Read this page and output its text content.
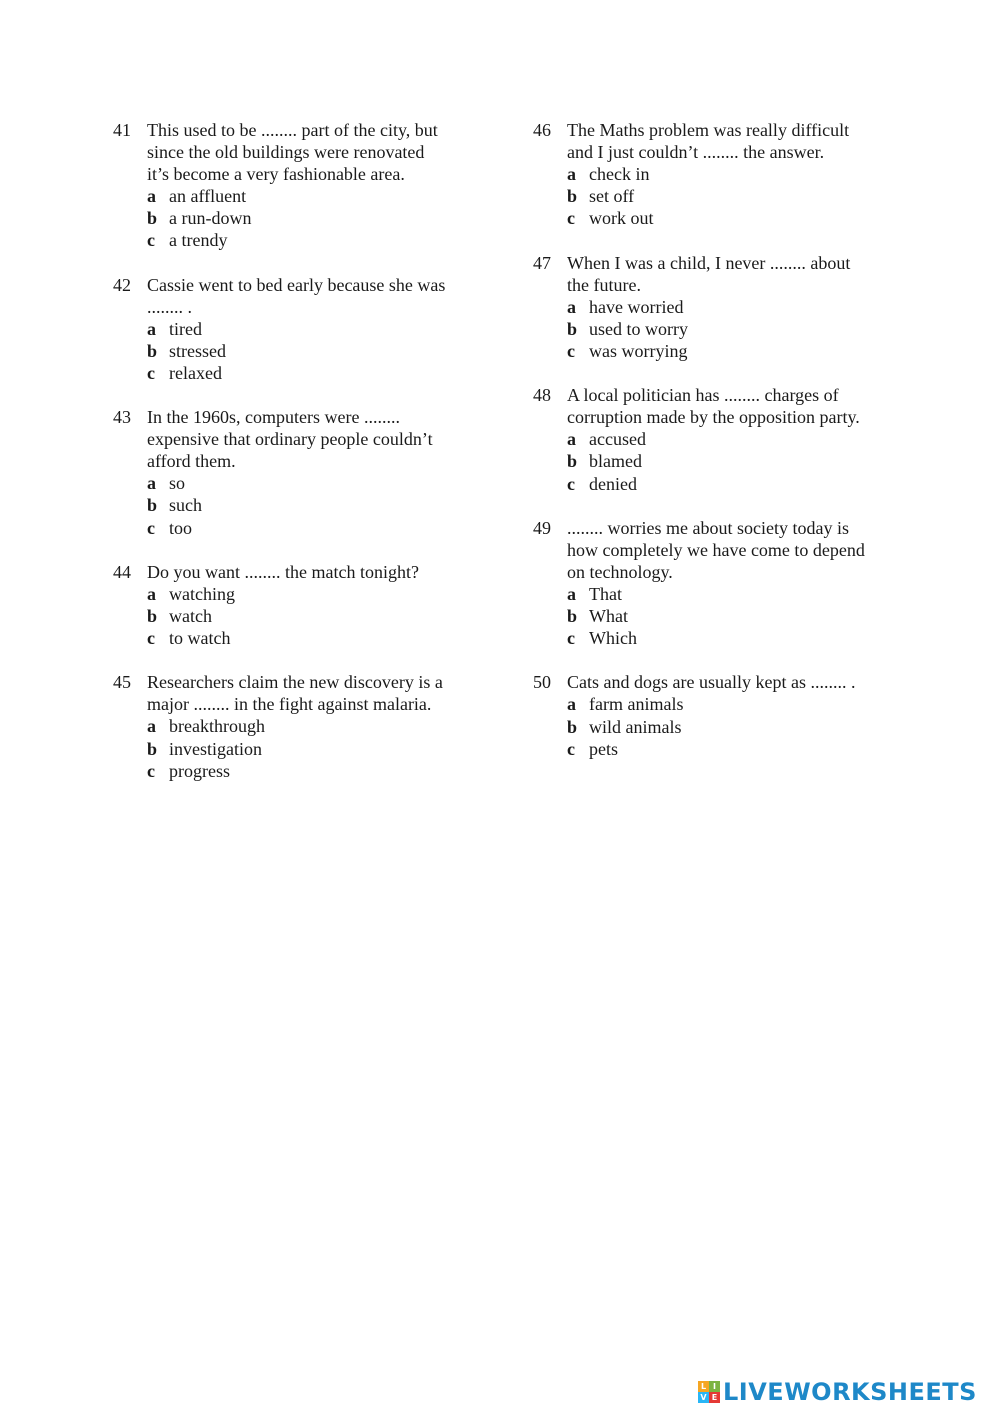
41 This used to be ........ part of the city, but
since the old buildings were renovated
it’s become a very fashionable area.

a an affluent
b a run-down
c a trendy
42 Cassie went to bed early because she was
........ .

a tired
b stressed
c relaxed
43 In the 1960s, computers were ........
expensive that ordinary people couldn’t
afford them.

a so
b such
c too
44 Do you want ........ the match tonight?

a watching
b watch
c to watch
45 Researchers claim the new discovery is a
major ........ in the fight against malaria.

a breakthrough
b investigation
c progress
46 The Maths problem was really difficult
and I just couldn’t ........ the answer.

a check in
b set off
c work out
47 When I was a child, I never ........ about
the future.

a have worried
b used to worry
c was worrying
48 A local politician has ........ charges of
corruption made by the opposition party.

a accused
b blamed
c denied
49 ........ worries me about society today is
how completely we have come to depend
on technology.

a That
b What
c Which
50 Cats and dogs are usually kept as ........ .

a farm animals
b wild animals
c pets
L I
V E LIVEWORKSHEETS
